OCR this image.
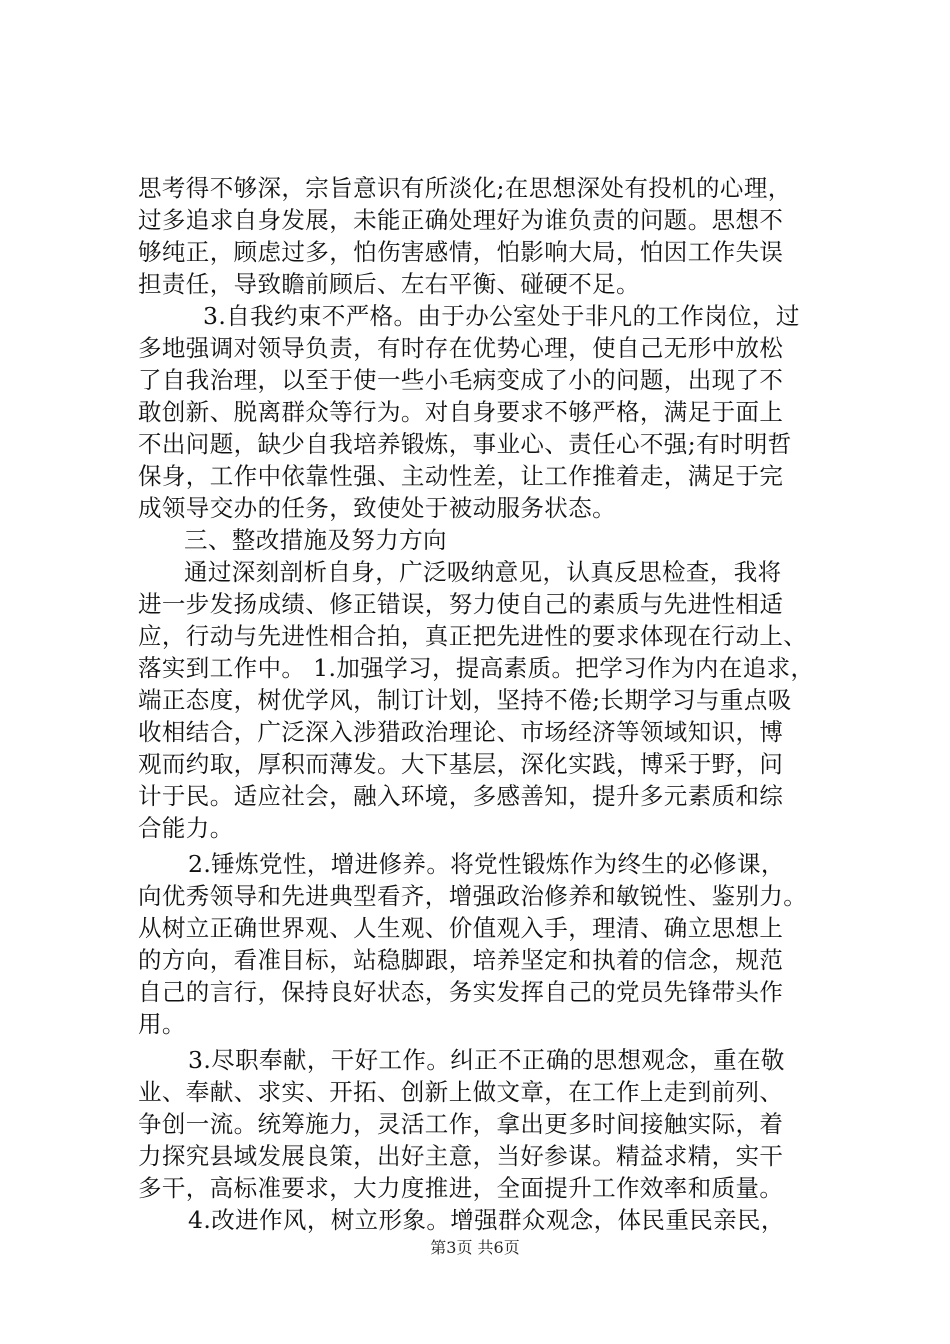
思考得不够深，宗旨意识有所淡化;在思想深处有投机的心理，
过多追求自身发展，未能正确处理好为谁负责的问题。思想不
够纯正，顾虑过多，怕伤害感情，怕影响大局，怕因工作失误
担责任，导致瞻前顾后、左右平衡、碰硬不足。
3.自我约束不严格。由于办公室处于非凡的工作岗位，过
多地强调对领导负责，有时存在优势心理，使自己无形中放松
了自我治理，以至于使一些小毛病变成了小的问题，出现了不
敢创新、脱离群众等行为。对自身要求不够严格，满足于面上
不出问题，缺少自我培养锻炼，事业心、责任心不强;有时明哲
保身，工作中依靠性强、主动性差，让工作推着走，满足于完
成领导交办的任务，致使处于被动服务状态。
三、整改措施及努力方向
通过深刻剖析自身，广泛吸纳意见，认真反思检查，我将
进一步发扬成绩、修正错误，努力使自己的素质与先进性相适
应，行动与先进性相合拍，真正把先进性的要求体现在行动上、
落实到工作中。 1.加强学习，提高素质。把学习作为内在追求，
端正态度，树优学风，制订计划，坚持不倦;长期学习与重点吸
收相结合，广泛深入涉猎政治理论、市场经济等领域知识，博
观而约取，厚积而薄发。大下基层，深化实践，博采于野，问
计于民。适应社会，融入环境，多感善知，提升多元素质和综
合能力。
2.锤炼党性，增进修养。将党性锻炼作为终生的必修课，
向优秀领导和先进典型看齐，增强政治修养和敏锐性、鉴别力。
从树立正确世界观、人生观、价值观入手，理清、确立思想上
的方向，看准目标，站稳脚跟，培养坚定和执着的信念，规范
自己的言行，保持良好状态，务实发挥自己的党员先锋带头作
用。
3.尽职奉献，干好工作。纠正不正确的思想观念，重在敬
业、奉献、求实、开拓、创新上做文章，在工作上走到前列、
争创一流。统筹施力，灵活工作，拿出更多时间接触实际，着
力探究县域发展良策，出好主意，当好参谋。精益求精，实干
多干，高标准要求，大力度推进，全面提升工作效率和质量。
4.改进作风，树立形象。增强群众观念，体民重民亲民，
第3页 共6页
